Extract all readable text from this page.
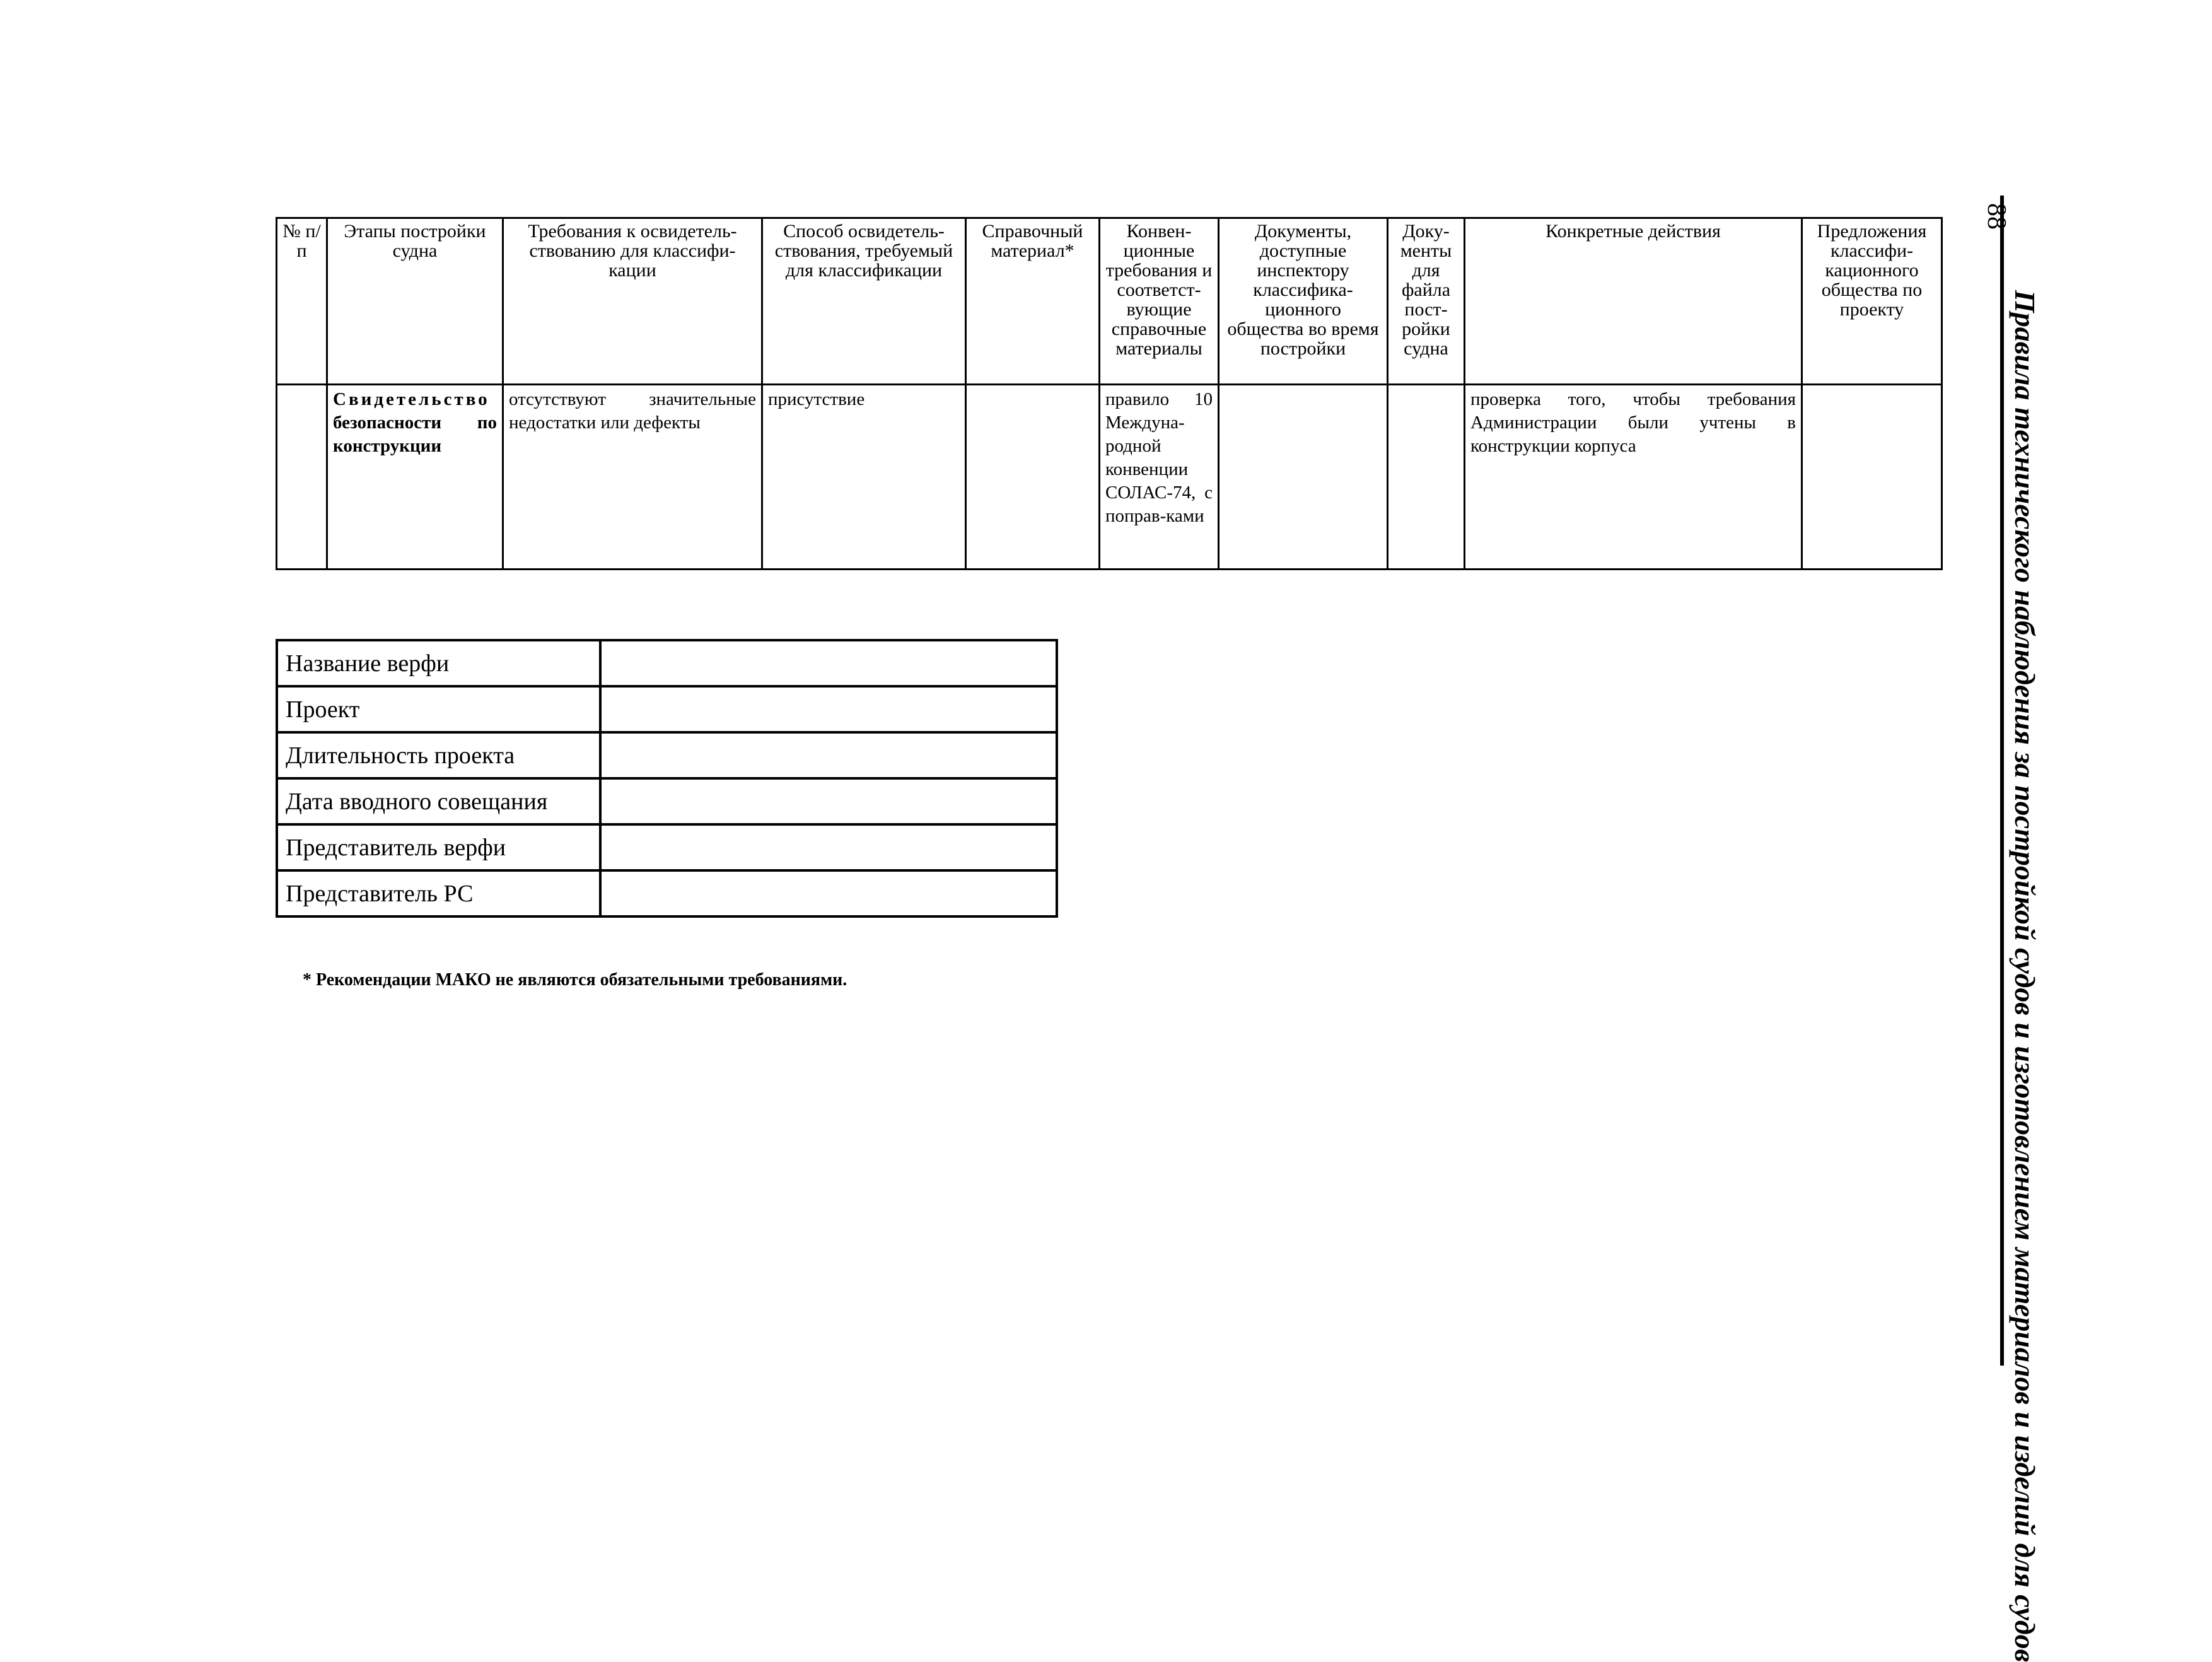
88
Правила технического наблюдения за постройкой судов и изготовлением материалов и изделий для судов
№ п/п	Этапы постройки судна	Требования к освидетель-ствованию для классифи-кации	Способ освидетель-ствования, требуемый для классификации	Справочный материал*	Конвен-ционные требования и соответст-вующие справочные материалы	Документы, доступные инспектору классифика-ционного общества во время постройки	Доку-менты для файла пост-ройки судна	Конкретные действия	Предложения классифи-кационного общества по проекту
	Свидетельство безопасности по конструкции	отсутствуют значительные недостатки или дефекты	присутствие		правило 10 Междуна-родной конвенции СОЛАС-74, с поправ-ками			проверка того, чтобы требования Администрации были учтены в конструкции корпуса	
Название верфи	
Проект	
Длительность проекта	
Дата вводного совещания	
Представитель верфи	
Представитель РС	
* Рекомендации МАКО не являются обязательными требованиями.
